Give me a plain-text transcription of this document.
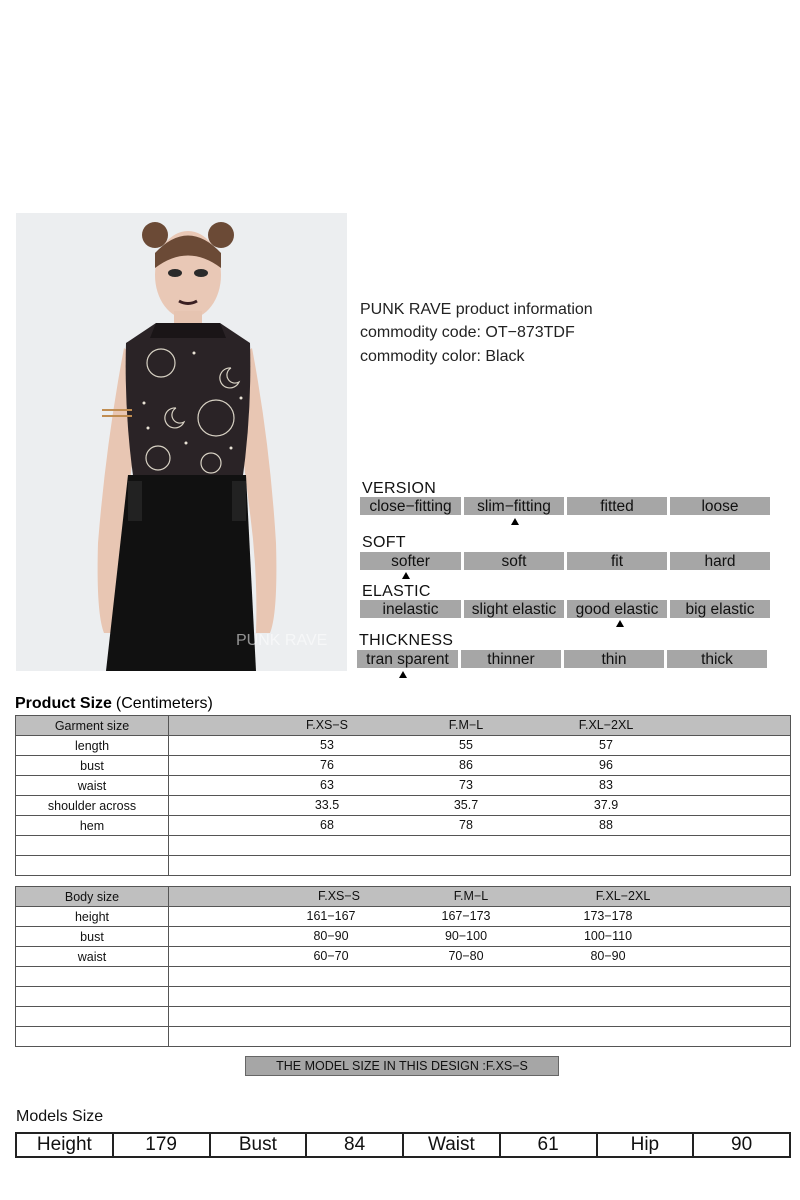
PUNK RAVE
PUNK RAVE product information
commodity code: OT−873TDF
commodity color: Black
VERSION
close−fitting	slim−fitting	fitted	loose
SOFT
softer	soft	fit	hard
ELASTIC
inelastic	slight elastic	good elastic	big elastic
THICKNESS
tran sparent	thinner	thin	thick
Product Size (Centimeters)
Garment size	F.XS−S F.M−L F.XL−2XL

length	53 55 57

bust	76 86 96

waist	63 73 83

shoulder across	33.5 35.7 37.9

hem	68 78 88

Body size	F.XS−S F.M−L F.XL−2XL

height	161−167 167−173 173−178

bust	80−90 90−100 100−110

waist	60−70 70−80 80−90

THE MODEL SIZE IN THIS DESIGN :F.XS−S
Models Size
Height	179	Bust	84	Waist	61	Hip	90
